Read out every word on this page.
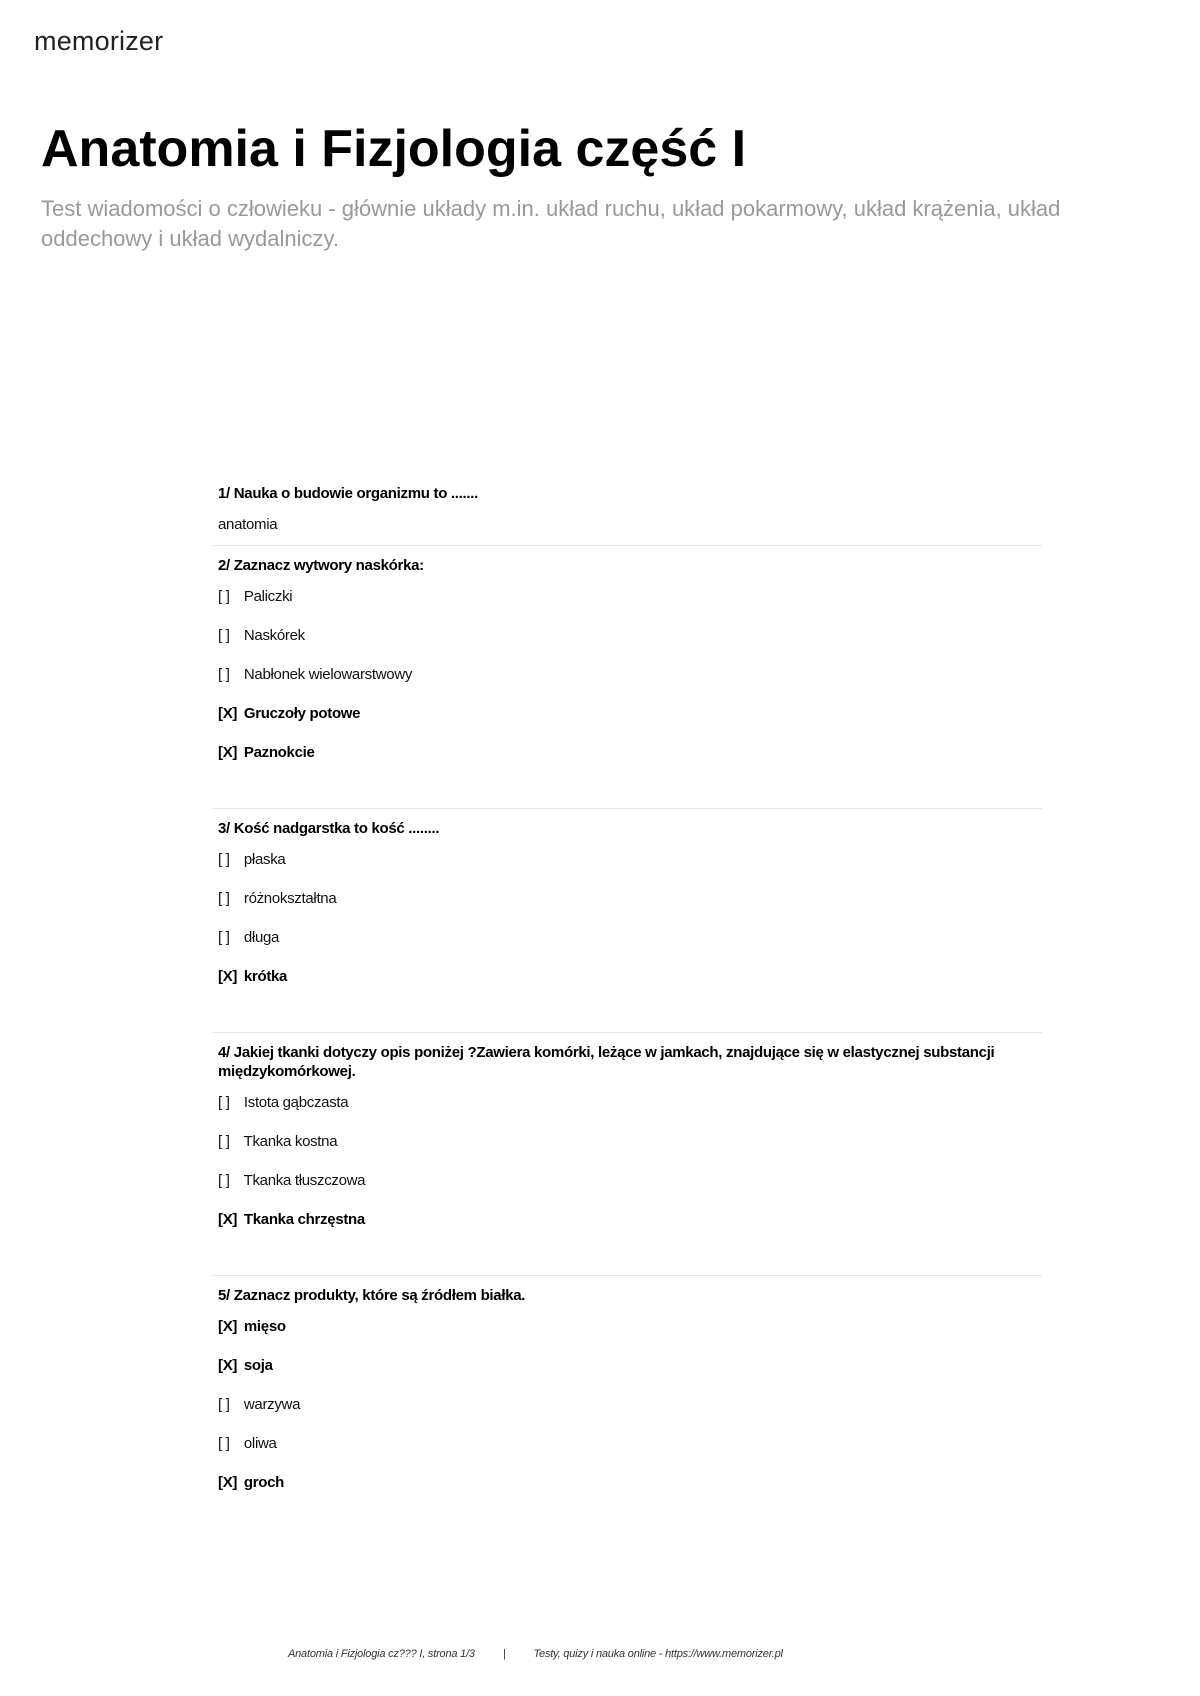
memorizer
Anatomia i Fizjologia część I

Test wiadomości o człowieku - głównie układy m.in. układ ruchu, układ pokarmowy, układ krążenia, układ oddechowy i układ wydalniczy.

1/ Nauka o budowie organizmu to .......

anatomia

2/ Zaznacz wytwory naskórka:

[ ] Paliczki

[ ] Naskórek

[ ] Nabłonek wielowarstwowy

[X] Gruczoły potowe

[X] Paznokcie

3/ Kość nadgarstka to kość ........

[ ] płaska

[ ] różnokształtna

[ ] długa

[X] krótka

4/ Jakiej tkanki dotyczy opis poniżej ?Zawiera komórki, leżące w jamkach, znajdujące się w elastycznej substancji międzykomórkowej.

[ ] Istota gąbczasta

[ ] Tkanka kostna

[ ] Tkanka tłuszczowa

[X] Tkanka chrzęstna

5/ Zaznacz produkty, które są źródłem białka.

[X] mięso

[X] soja

[ ] warzywa

[ ] oliwa

[X] groch

Anatomia i Fizjologia cz??? I, strona 1/3	|	Testy, quizy i nauka online - https://www.memorizer.pl
